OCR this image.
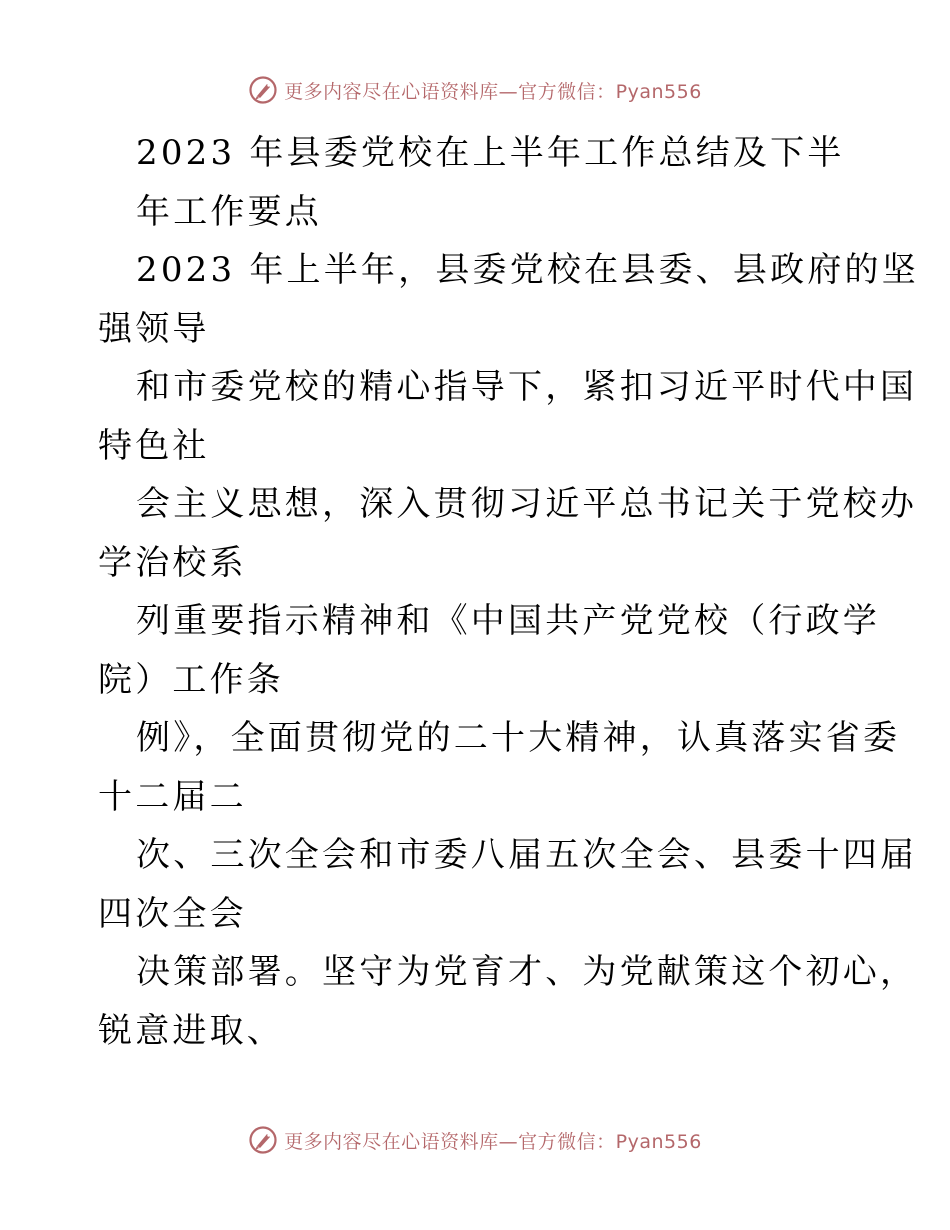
更多内容尽在心语资料库—官方微信：Pyan556
2023 年县委党校在上半年工作总结及下半
年工作要点
2023 年上半年，县委党校在县委、县政府的坚
强领导
和市委党校的精心指导下，紧扣习近平时代中国
特色社
会主义思想，深入贯彻习近平总书记关于党校办
学治校系
列重要指示精神和《中国共产党党校（行政学
院）工作条
例》，全面贯彻党的二十大精神，认真落实省委
十二届二
次、三次全会和市委八届五次全会、县委十四届
四次全会
决策部署。坚守为党育才、为党献策这个初心，
锐意进取、
更多内容尽在心语资料库—官方微信：Pyan556
